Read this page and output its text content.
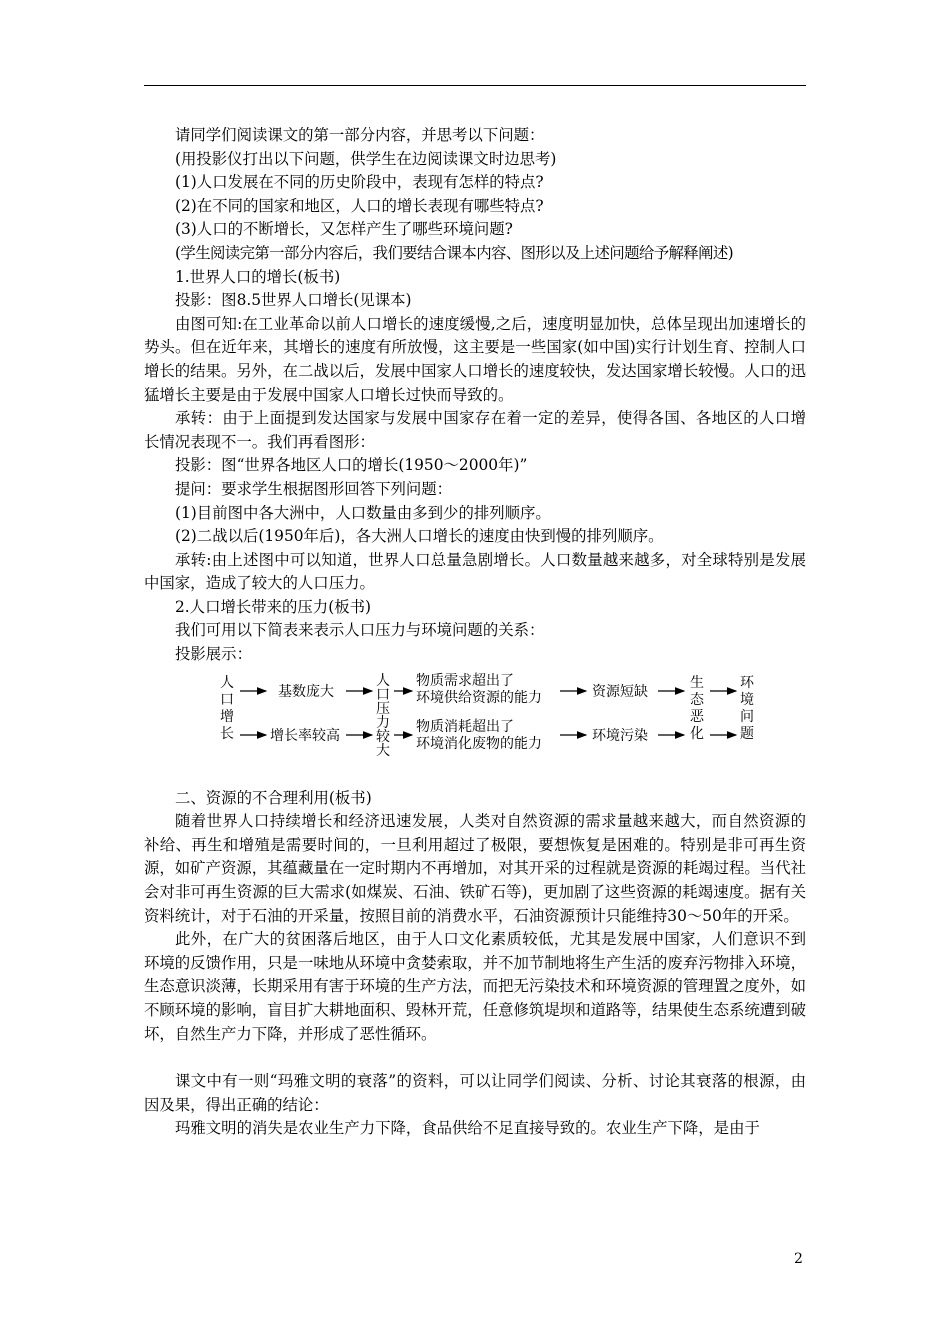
请同学们阅读课文的第一部分内容，并思考以下问题：

(用投影仪打出以下问题，供学生在边阅读课文时边思考)

(1)人口发展在不同的历史阶段中，表现有怎样的特点?

(2)在不同的国家和地区，人口的增长表现有哪些特点?

(3)人口的不断增长，又怎样产生了哪些环境问题?

(学生阅读完第一部分内容后，我们要结合课本内容、图形以及上述问题给予解释阐述)

1.世界人口的增长(板书)

投影：图8.5世界人口增长(见课本)

由图可知:在工业革命以前人口增长的速度缓慢,之后，速度明显加快，总体呈现出加速增长的势头。但在近年来，其增长的速度有所放慢，这主要是一些国家(如中国)实行计划生育、控制人口增长的结果。另外，在二战以后，发展中国家人口增长的速度较快，发达国家增长较慢。人口的迅猛增长主要是由于发展中国家人口增长过快而导致的。

承转：由于上面提到发达国家与发展中国家存在着一定的差异，使得各国、各地区的人口增长情况表现不一。我们再看图形：

投影：图“世界各地区人口的增长(1950～2000年)”

提问：要求学生根据图形回答下列问题：

(1)目前图中各大洲中，人口数量由多到少的排列顺序。

(2)二战以后(1950年后)，各大洲人口增长的速度由快到慢的排列顺序。

承转:由上述图中可以知道，世界人口总量急剧增长。人口数量越来越多，对全球特别是发展中国家，造成了较大的人口压力。

2.人口增长带来的压力(板书)

我们可用以下简表来表示人口压力与环境问题的关系：

投影展示：

人
口
增
长
基数庞大
增长率较高
人
口
压
力
较
大
物质需求超出了
环境供给资源的能力
物质消耗超出了
环境消化废物的能力
资源短缺
环境污染
生
态
恶
化
环
境
问
题

二、资源的不合理利用(板书)

随着世界人口持续增长和经济迅速发展，人类对自然资源的需求量越来越大，而自然资源的补给、再生和增殖是需要时间的，一旦利用超过了极限，要想恢复是困难的。特别是非可再生资源，如矿产资源，其蕴藏量在一定时期内不再增加，对其开采的过程就是资源的耗竭过程。当代社会对非可再生资源的巨大需求(如煤炭、石油、铁矿石等)，更加剧了这些资源的耗竭速度。据有关资料统计，对于石油的开采量，按照目前的消费水平，石油资源预计只能维持30～50年的开采。

此外，在广大的贫困落后地区，由于人口文化素质较低，尤其是发展中国家，人们意识不到环境的反馈作用，只是一味地从环境中贪婪索取，并不加节制地将生产生活的废弃污物排入环境，生态意识淡薄，长期采用有害于环境的生产方法，而把无污染技术和环境资源的管理置之度外，如不顾环境的影响，盲目扩大耕地面积、毁林开荒，任意修筑堤坝和道路等，结果使生态系统遭到破坏，自然生产力下降，并形成了恶性循环。

课文中有一则“玛雅文明的衰落”的资料，可以让同学们阅读、分析、讨论其衰落的根源，由因及果，得出正确的结论：

玛雅文明的消失是农业生产力下降，食品供给不足直接导致的。农业生产下降，是由于

2
